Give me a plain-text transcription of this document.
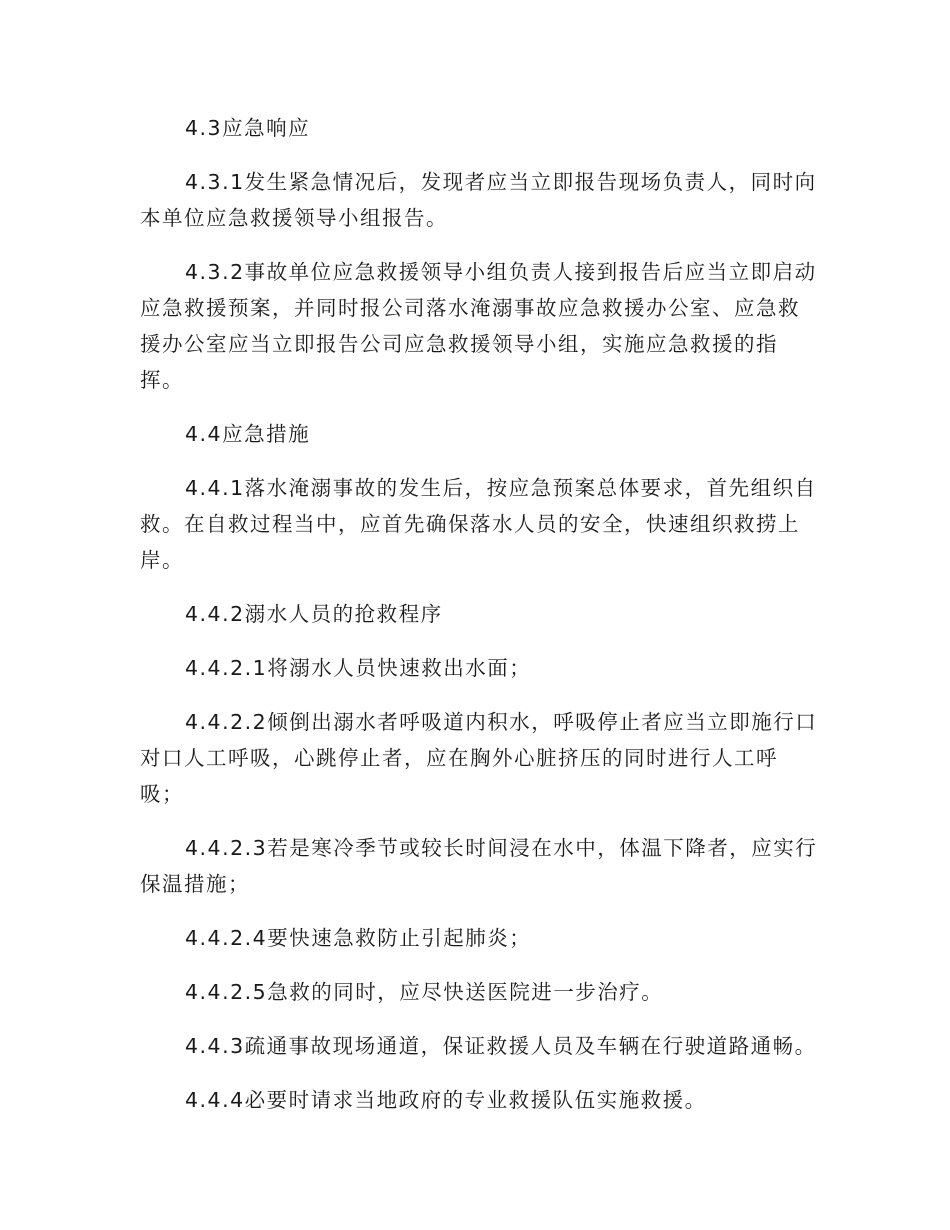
4.3应急响应

4.3.1发生紧急情况后，发现者应当立即报告现场负责人，同时向本单位应急救援领导小组报告。

4.3.2事故单位应急救援领导小组负责人接到报告后应当立即启动应急救援预案，并同时报公司落水淹溺事故应急救援办公室、应急救援办公室应当立即报告公司应急救援领导小组，实施应急救援的指挥。

4.4应急措施

4.4.1落水淹溺事故的发生后，按应急预案总体要求，首先组织自救。在自救过程当中，应首先确保落水人员的安全，快速组织救捞上岸。

4.4.2溺水人员的抢救程序

4.4.2.1将溺水人员快速救出水面；

4.4.2.2倾倒出溺水者呼吸道内积水，呼吸停止者应当立即施行口对口人工呼吸，心跳停止者，应在胸外心脏挤压的同时进行人工呼吸；

4.4.2.3若是寒冷季节或较长时间浸在水中，体温下降者，应实行保温措施；

4.4.2.4要快速急救防止引起肺炎；

4.4.2.5急救的同时，应尽快送医院进一步治疗。

4.4.3疏通事故现场通道，保证救援人员及车辆在行驶道路通畅。

4.4.4必要时请求当地政府的专业救援队伍实施救援。
